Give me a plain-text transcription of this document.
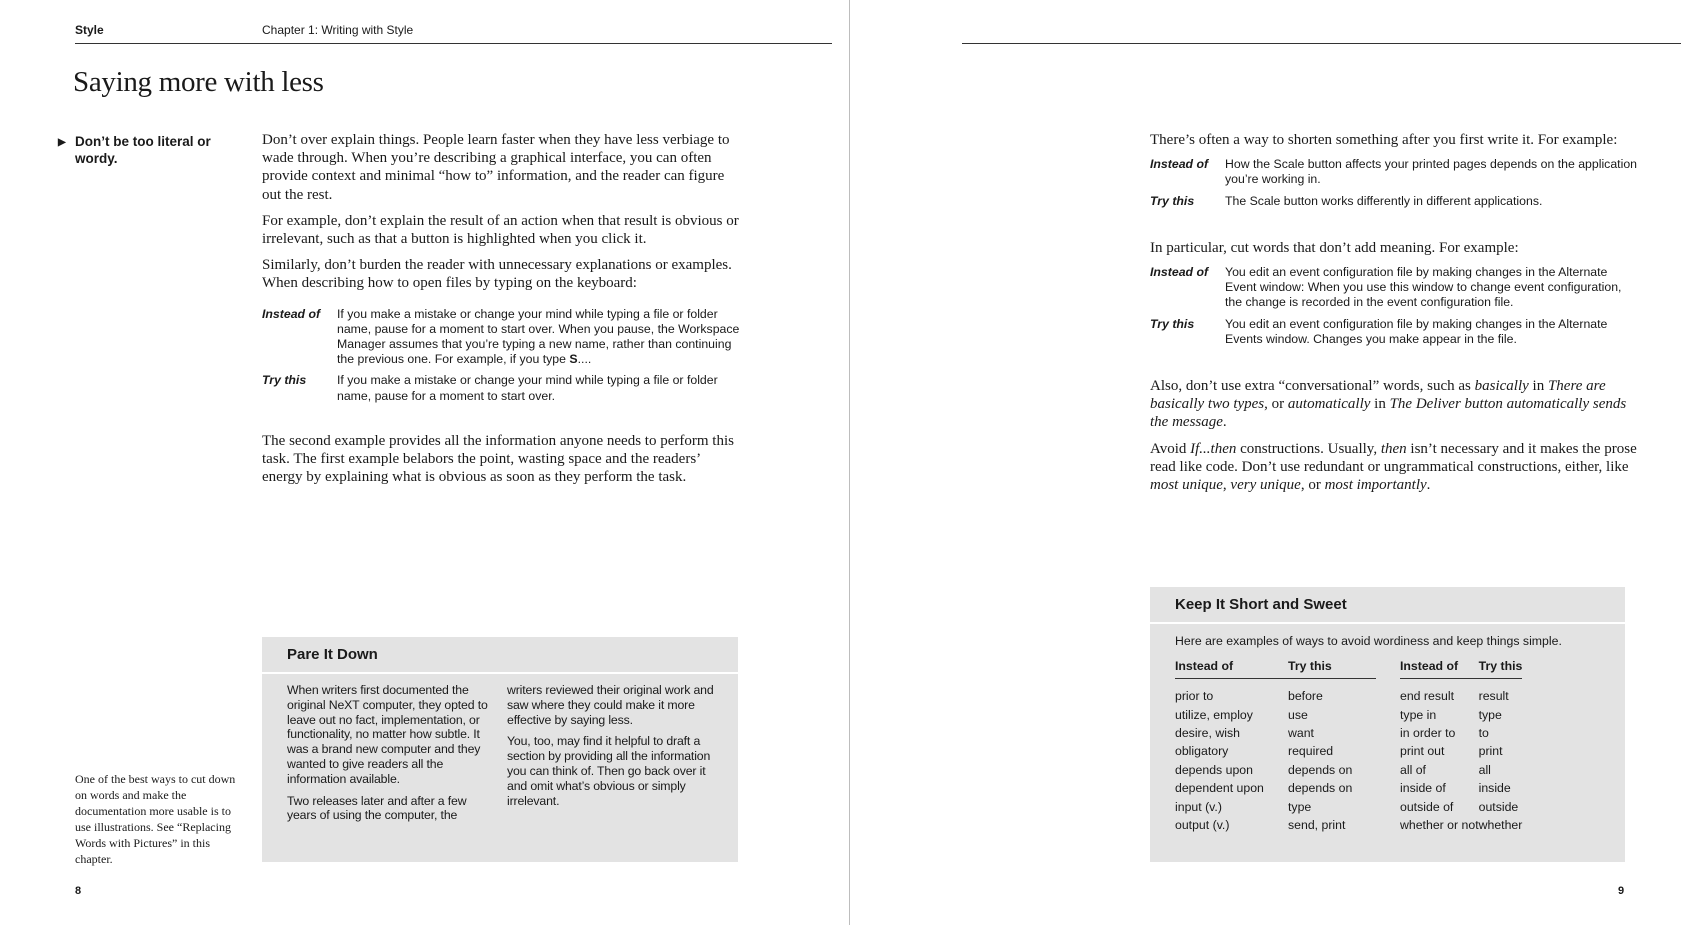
Style	Chapter 1: Writing with Style
Saying more with less
▶ Don’t be too literal or wordy.

Don’t over explain things. People learn faster when they have less verbiage to wade through. When you’re describing a graphical interface, you can often provide context and minimal “how to” information, and the reader can figure out the rest.

For example, don’t explain the result of an action when that result is obvious or irrelevant, such as that a button is highlighted when you click it.

Similarly, don’t burden the reader with unnecessary explanations or examples. When describing how to open files by typing on the keyboard:

Instead of	If you make a mistake or change your mind while typing a file or folder name, pause for a moment to start over. When you pause, the Workspace Manager assumes that you’re typing a new name, rather than continuing the previous one. For example, if you type S....
Try this	If you make a mistake or change your mind while typing a file or folder name, pause for a moment to start over.

The second example provides all the information anyone needs to perform this task. The first example belabors the point, wasting space and the readers’ energy by explaining what is obvious as soon as they perform the task.

Pare It Down

When writers first documented the original NeXT computer, they opted to leave out no fact, implementation, or functionality, no matter how subtle. It was a brand new computer and they wanted to give readers all the information available.

Two releases later and after a few years of using the computer, the

writers reviewed their original work and saw where they could make it more effective by saying less.

You, too, may find it helpful to draft a section by providing all the information you can think of. Then go back over it and omit what’s obvious or simply irrelevant.

One of the best ways to cut down on words and make the documentation more usable is to use illustrations. See “Replacing Words with Pictures” in this chapter.
8

There’s often a way to shorten something after you first write it. For example:

Instead of	How the Scale button affects your printed pages depends on the application you’re working in.
Try this	The Scale button works differently in different applications.

In particular, cut words that don’t add meaning. For example:

Instead of	You edit an event configuration file by making changes in the Alternate Event window: When you use this window to change event configuration, the change is recorded in the event configuration file.
Try this	You edit an event configuration file by making changes in the Alternate Events window. Changes you make appear in the file.

Also, don’t use extra “conversational” words, such as basically in There are basically two types, or automatically in The Deliver button automatically sends the message.

Avoid If...then constructions. Usually, then isn’t necessary and it makes the prose read like code. Don’t use redundant or ungrammatical constructions, either, like most unique, very unique, or most importantly.

Keep It Short and Sweet
Here are examples of ways to avoid wordiness and keep things simple.
Instead of	Try this		Instead of	Try this

prior to	before		end result	result
utilize, employ	use		type in	type
desire, wish	want		in order to	to
obligatory	required		print out	print
depends upon	depends on		all of	all
dependent upon	depends on		inside of	inside
input (v.)	type		outside of	outside
output (v.)	send, print		whether or not	whether
9
